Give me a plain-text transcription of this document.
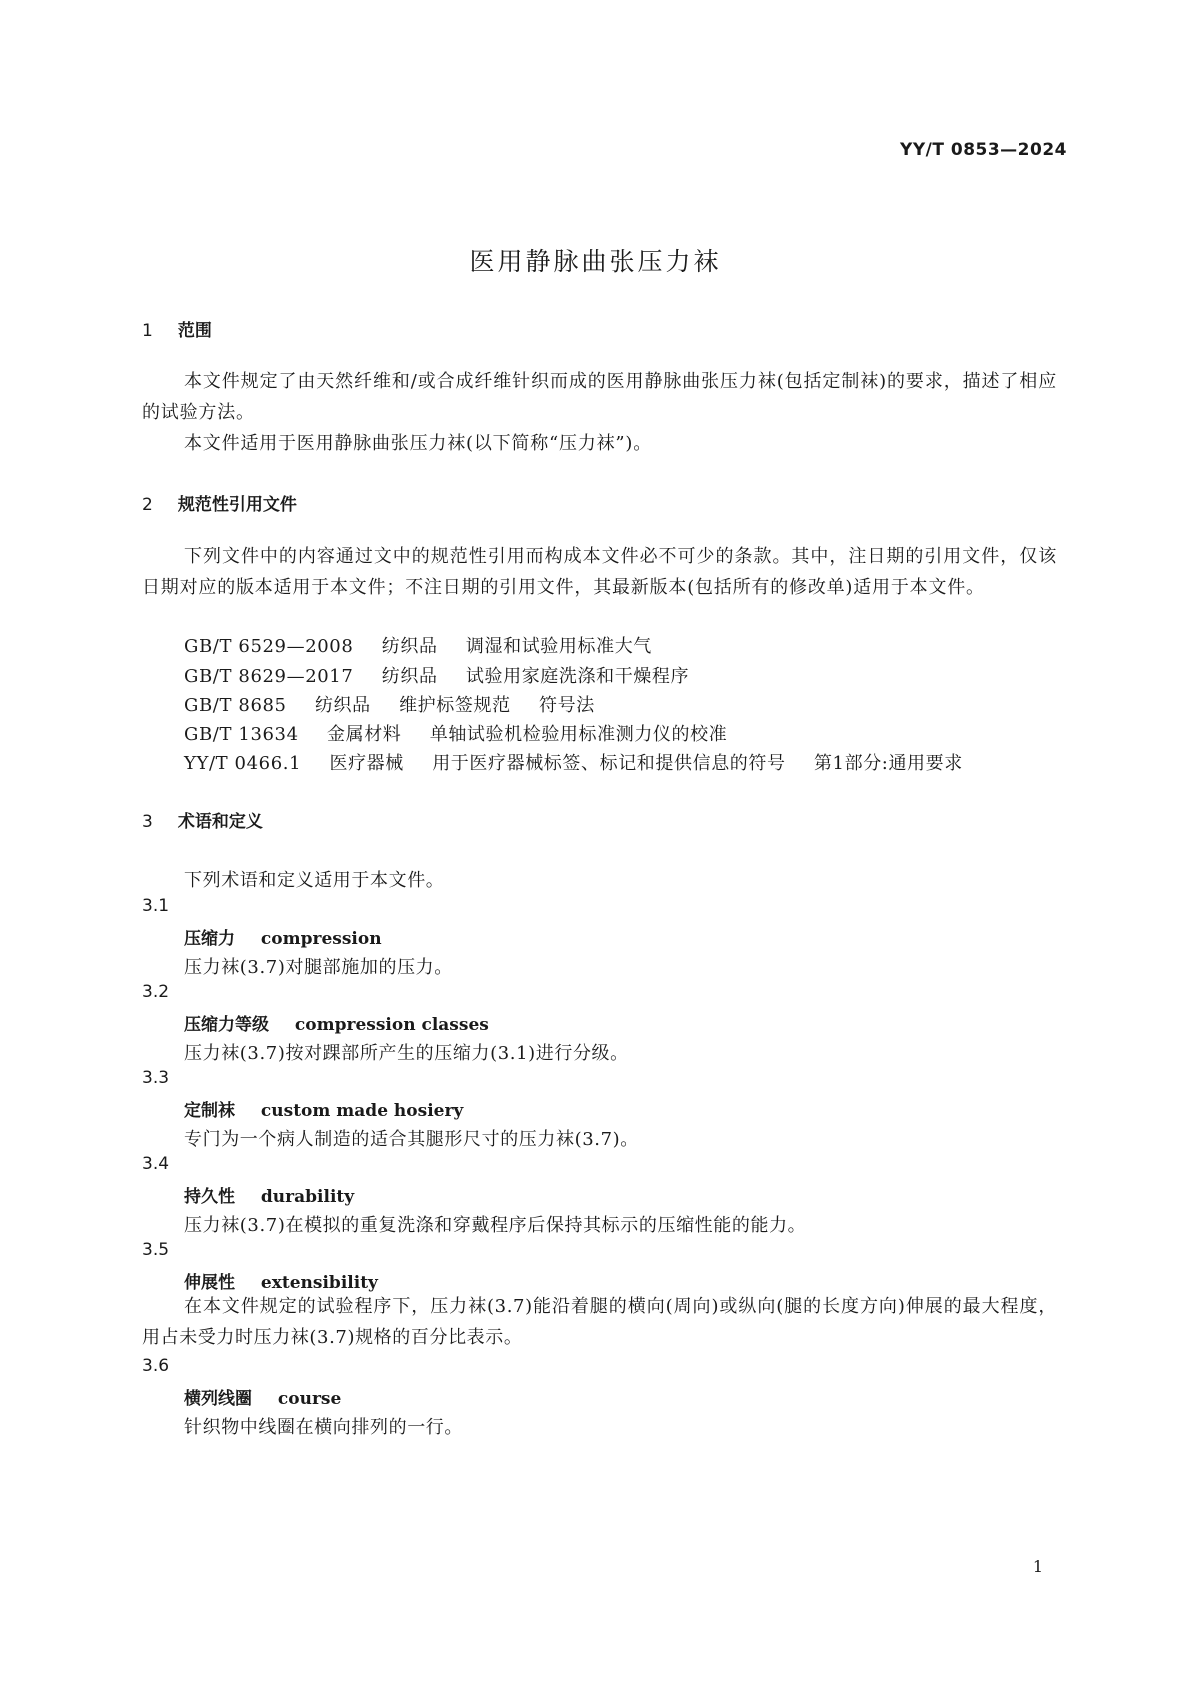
YY/T 0853—2024
医用静脉曲张压力袜
1 范围
本文件规定了由天然纤维和/或合成纤维针织而成的医用静脉曲张压力袜(包括定制袜)的要求，描述了相应的试验方法。
本文件适用于医用静脉曲张压力袜(以下简称“压力袜”)。
2 规范性引用文件
下列文件中的内容通过文中的规范性引用而构成本文件必不可少的条款。其中，注日期的引用文件，仅该日期对应的版本适用于本文件；不注日期的引用文件，其最新版本(包括所有的修改单)适用于本文件。
GB/T 6529—2008 纺织品 调湿和试验用标准大气
GB/T 8629—2017 纺织品 试验用家庭洗涤和干燥程序
GB/T 8685 纺织品 维护标签规范 符号法
GB/T 13634 金属材料 单轴试验机检验用标准测力仪的校准
YY/T 0466.1 医疗器械 用于医疗器械标签、标记和提供信息的符号 第1部分:通用要求
3 术语和定义
下列术语和定义适用于本文件。
3.1
压缩力 compression
压力袜(3.7)对腿部施加的压力。
3.2
压缩力等级 compression classes
压力袜(3.7)按对踝部所产生的压缩力(3.1)进行分级。
3.3
定制袜 custom made hosiery
专门为一个病人制造的适合其腿形尺寸的压力袜(3.7)。
3.4
持久性 durability
压力袜(3.7)在模拟的重复洗涤和穿戴程序后保持其标示的压缩性能的能力。
3.5
伸展性 extensibility
在本文件规定的试验程序下，压力袜(3.7)能沿着腿的横向(周向)或纵向(腿的长度方向)伸展的最大程度，用占未受力时压力袜(3.7)规格的百分比表示。
3.6
横列线圈 course
针织物中线圈在横向排列的一行。
1
